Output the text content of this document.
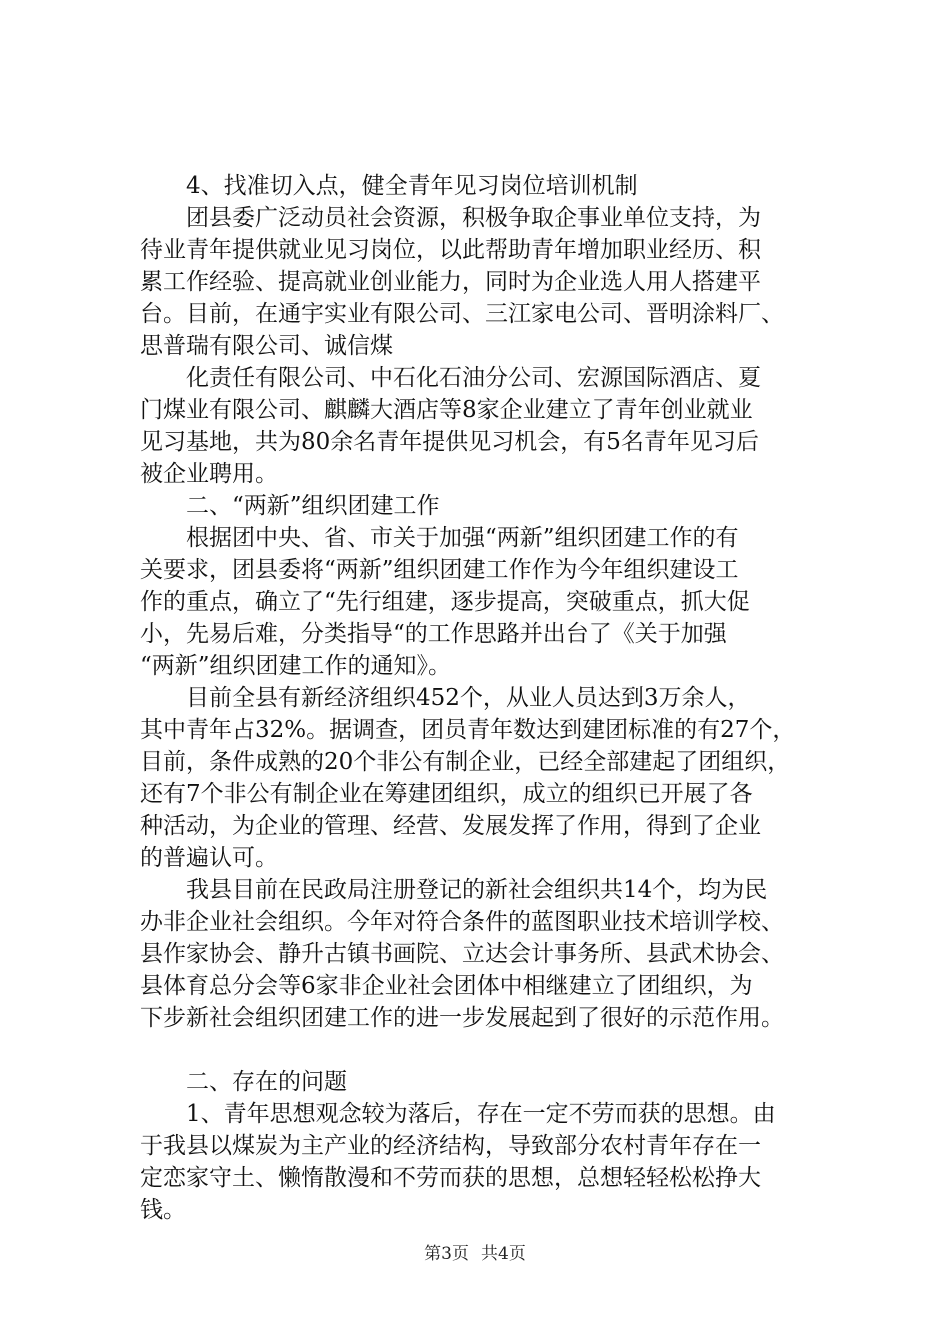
4、找准切入点，健全青年见习岗位培训机制
团县委广泛动员社会资源，积极争取企事业单位支持，为
待业青年提供就业见习岗位，以此帮助青年增加职业经历、积
累工作经验、提高就业创业能力，同时为企业选人用人搭建平
台。目前，在通宇实业有限公司、三江家电公司、晋明涂料厂、
思普瑞有限公司、诚信煤
化责任有限公司、中石化石油分公司、宏源国际酒店、夏
门煤业有限公司、麒麟大酒店等8家企业建立了青年创业就业
见习基地，共为80余名青年提供见习机会，有5名青年见习后
被企业聘用。
二、“两新”组织团建工作
根据团中央、省、市关于加强“两新”组织团建工作的有
关要求，团县委将“两新”组织团建工作作为今年组织建设工
作的重点，确立了“先行组建，逐步提高，突破重点，抓大促
小，先易后难，分类指导“的工作思路并出台了《关于加强
“两新”组织团建工作的通知》。
目前全县有新经济组织452个，从业人员达到3万余人，
其中青年占32%。据调查，团员青年数达到建团标准的有27个，
目前，条件成熟的20个非公有制企业，已经全部建起了团组织，
还有7个非公有制企业在筹建团组织，成立的组织已开展了各
种活动，为企业的管理、经营、发展发挥了作用，得到了企业
的普遍认可。
我县目前在民政局注册登记的新社会组织共14个，均为民
办非企业社会组织。今年对符合条件的蓝图职业技术培训学校、
县作家协会、静升古镇书画院、立达会计事务所、县武术协会、
县体育总分会等6家非企业社会团体中相继建立了团组织，为
下步新社会组织团建工作的进一步发展起到了很好的示范作用。
二、存在的问题
1、青年思想观念较为落后，存在一定不劳而获的思想。由
于我县以煤炭为主产业的经济结构，导致部分农村青年存在一
定恋家守土、懒惰散漫和不劳而获的思想，总想轻轻松松挣大
钱。
第3页 共4页
